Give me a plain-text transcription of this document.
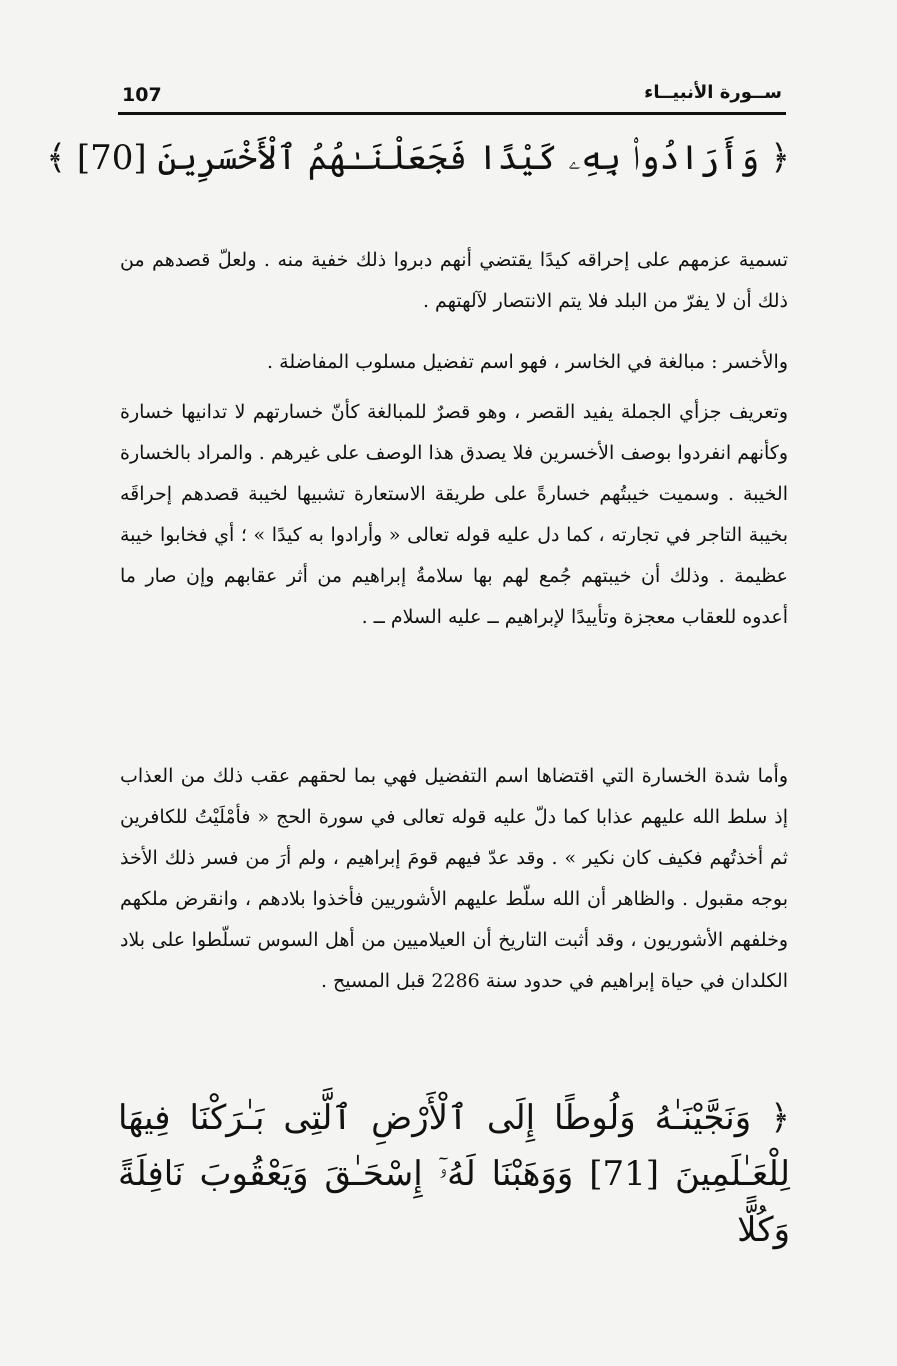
107	ســورة الأنبيــاء
﴿ وَأَرَادُوا۟ بِهِۦ كَيْدًا فَجَعَلْنَـٰهُمُ ٱلْأَخْسَرِينَ [70] ﴾

تسمية عزمهم على إحراقه كيدًا يقتضي أنهم دبروا ذلك خفية منه . ولعلّ قصدهم من ذلك أن لا يفرّ من البلد فلا يتم الانتصار لآلهتهم .

والأخسر : مبالغة في الخاسر ، فهو اسم تفضيل مسلوب المفاضلة .

وتعريف جزأي الجملة يفيد القصر ، وهو قصرٌ للمبالغة كأنّ خسارتهم لا تدانيها خسارة وكأنهم انفردوا بوصف الأخسرين فلا يصدق هذا الوصف على غيرهم . والمراد بالخسارة الخيبة . وسميت خيبتُهم خسارةً على طريقة الاستعارة تشبيها لخيبة قصدهم إحراقَه بخيبة التاجر في تجارته ، كما دل عليه قوله تعالى « وأرادوا به كيدًا » ؛ أي فخابوا خيبة عظيمة . وذلك أن خيبتهم جُمع لهم بها سلامةُ إبراهيم من أثر عقابهم وإن صار ما أعدوه للعقاب معجزة وتأييدًا لإبراهيم ــ عليه السلام ــ .

وأما شدة الخسارة التي اقتضاها اسم التفضيل فهي بما لحقهم عقب ذلك من العذاب إذ سلط الله عليهم عذابا كما دلّ عليه قوله تعالى في سورة الحج « فأمْلَيْتُ للكافرين ثم أخذتُهم فكيف كان نكير » . وقد عدّ فيهم قومَ إبراهيم ، ولم أرَ من فسر ذلك الأخذ بوجه مقبول . والظاهر أن الله سلّط عليهم الأشوريين فأخذوا بلادهم ، وانقرض ملكهم وخلفهم الأشوريون ، وقد أثبت التاريخ أن العيلاميين من أهل السوس تسلّطوا على بلاد الكلدان في حياة إبراهيم في حدود سنة 2286 قبل المسيح .

﴿ وَنَجَّيْنَـٰهُ وَلُوطًا إِلَى ٱلْأَرْضِ ٱلَّتِى بَـٰرَكْنَا فِيهَا لِلْعَـٰلَمِينَ [71] وَوَهَبْنَا لَهُۥٓ إِسْحَـٰقَ وَيَعْقُوبَ نَافِلَةً وَكُلًّا
